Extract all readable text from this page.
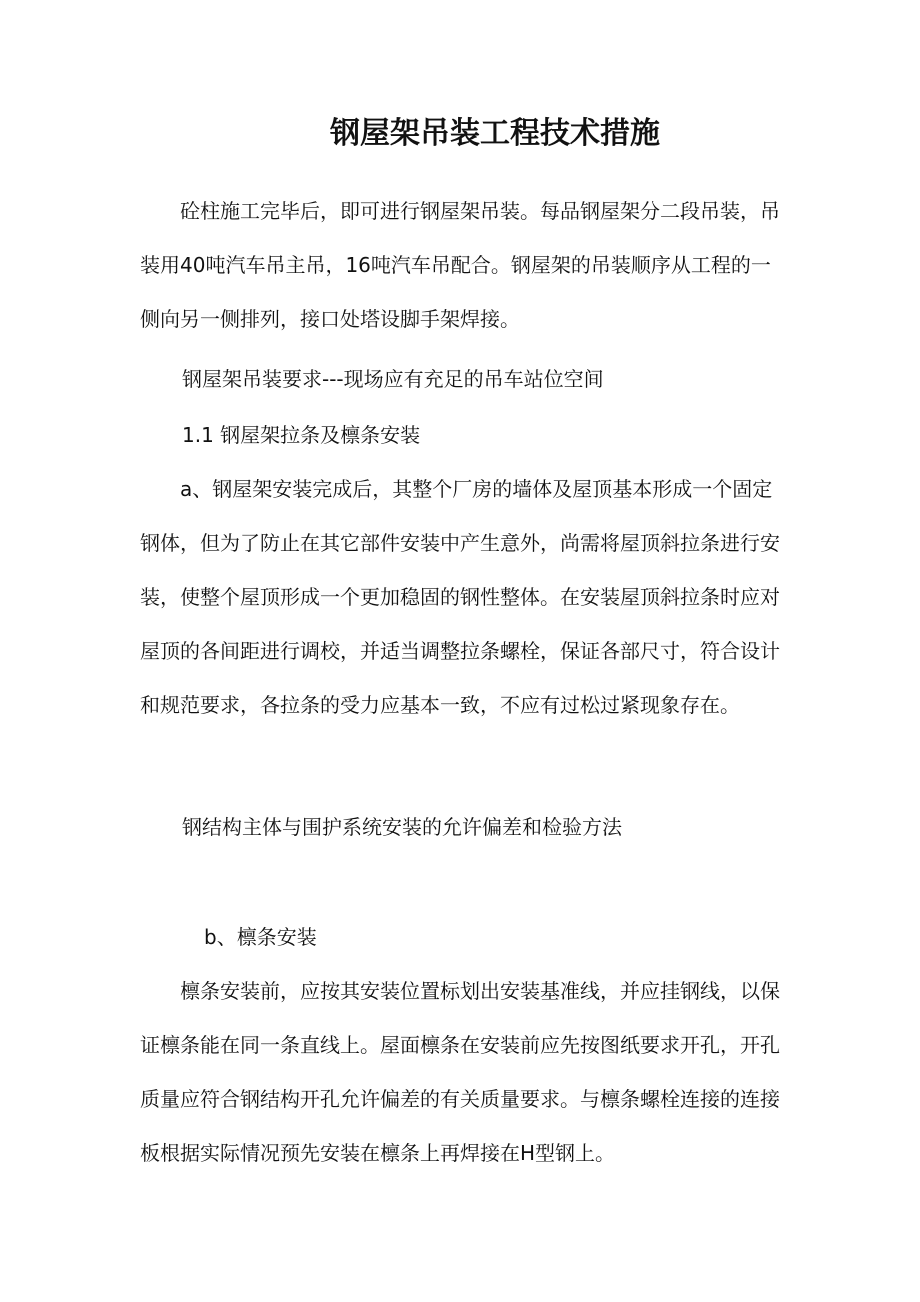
钢屋架吊装工程技术措施

砼柱施工完毕后，即可进行钢屋架吊装。每品钢屋架分二段吊装，吊装用40吨汽车吊主吊，16吨汽车吊配合。钢屋架的吊装顺序从工程的一侧向另一侧排列，接口处塔设脚手架焊接。

钢屋架吊装要求---现场应有充足的吊车站位空间

1.1 钢屋架拉条及檩条安装

a、钢屋架安装完成后，其整个厂房的墙体及屋顶基本形成一个固定钢体，但为了防止在其它部件安装中产生意外，尚需将屋顶斜拉条进行安装，使整个屋顶形成一个更加稳固的钢性整体。在安装屋顶斜拉条时应对屋顶的各间距进行调校，并适当调整拉条螺栓，保证各部尺寸，符合设计和规范要求，各拉条的受力应基本一致，不应有过松过紧现象存在。

钢结构主体与围护系统安装的允许偏差和检验方法

b、檩条安装

檩条安装前，应按其安装位置标划出安装基准线，并应挂钢线，以保证檩条能在同一条直线上。屋面檩条在安装前应先按图纸要求开孔，开孔质量应符合钢结构开孔允许偏差的有关质量要求。与檩条螺栓连接的连接板根据实际情况预先安装在檩条上再焊接在H型钢上。
